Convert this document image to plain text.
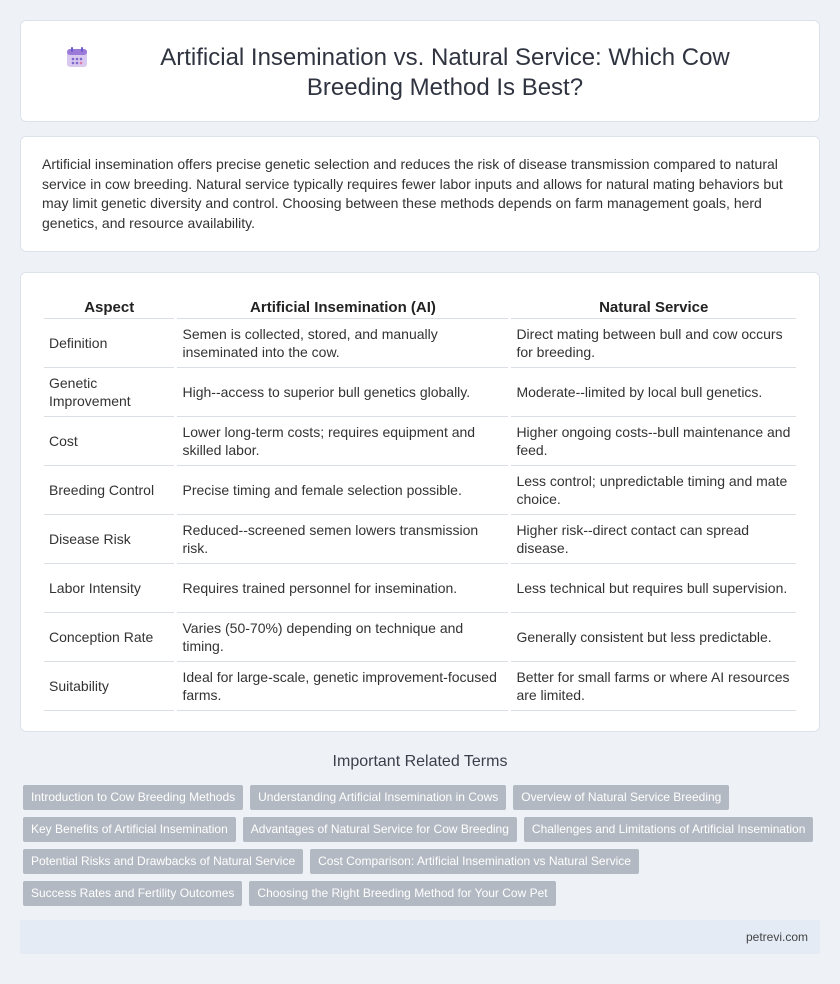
Artificial Insemination vs. Natural Service: Which Cow Breeding Method Is Best?

Artificial insemination offers precise genetic selection and reduces the risk of disease transmission compared to natural service in cow breeding. Natural service typically requires fewer labor inputs and allows for natural mating behaviors but may limit genetic diversity and control. Choosing between these methods depends on farm management goals, herd genetics, and resource availability.

Aspect	Artificial Insemination (AI)	Natural Service
Definition	Semen is collected, stored, and manually inseminated into the cow.	Direct mating between bull and cow occurs for breeding.
Genetic Improvement	High--access to superior bull genetics globally.	Moderate--limited by local bull genetics.
Cost	Lower long-term costs; requires equipment and skilled labor.	Higher ongoing costs--bull maintenance and feed.
Breeding Control	Precise timing and female selection possible.	Less control; unpredictable timing and mate choice.
Disease Risk	Reduced--screened semen lowers transmission risk.	Higher risk--direct contact can spread disease.
Labor Intensity	Requires trained personnel for insemination.	Less technical but requires bull supervision.
Conception Rate	Varies (50-70%) depending on technique and timing.	Generally consistent but less predictable.
Suitability	Ideal for large-scale, genetic improvement-focused farms.	Better for small farms or where AI resources are limited.
Important Related Terms
Introduction to Cow Breeding Methods	Understanding Artificial Insemination in Cows	Overview of Natural Service Breeding
Key Benefits of Artificial Insemination	Advantages of Natural Service for Cow Breeding	Challenges and Limitations of Artificial Insemination
Potential Risks and Drawbacks of Natural Service	Cost Comparison: Artificial Insemination vs Natural Service
Success Rates and Fertility Outcomes	Choosing the Right Breeding Method for Your Cow Pet
petrevi.com
